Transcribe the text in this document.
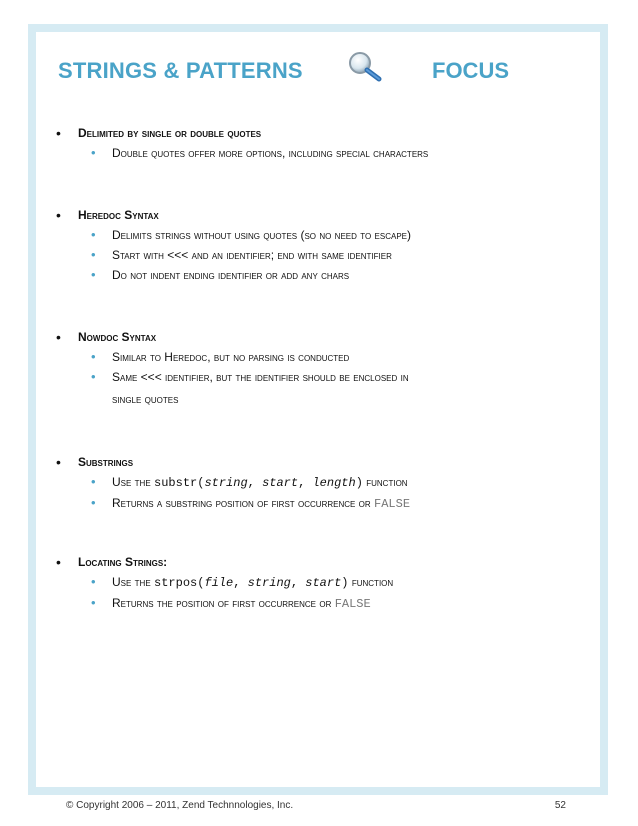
STRINGS & PATTERNS	FOCUS
• Delimited by single or double quotes
• Double quotes offer more options, including special characters
• Heredoc Syntax
• Delimits strings without using quotes (so no need to escape)
• Start with <<< and an identifier; end with same identifier
• Do not indent ending identifier or add any chars
• Nowdoc Syntax
• Similar to Heredoc, but no parsing is conducted
• Same <<< identifier, but the identifier should be enclosed in
single quotes
• Substrings
• Use the substr(string, start, length) function
• Returns a substring position of first occurrence or FALSE
• Locating Strings:
• Use the strpos(file, string, start) function
• Returns the position of first occurrence or FALSE
© Copyright 2006 – 2011, Zend Technnologies, Inc.	52
